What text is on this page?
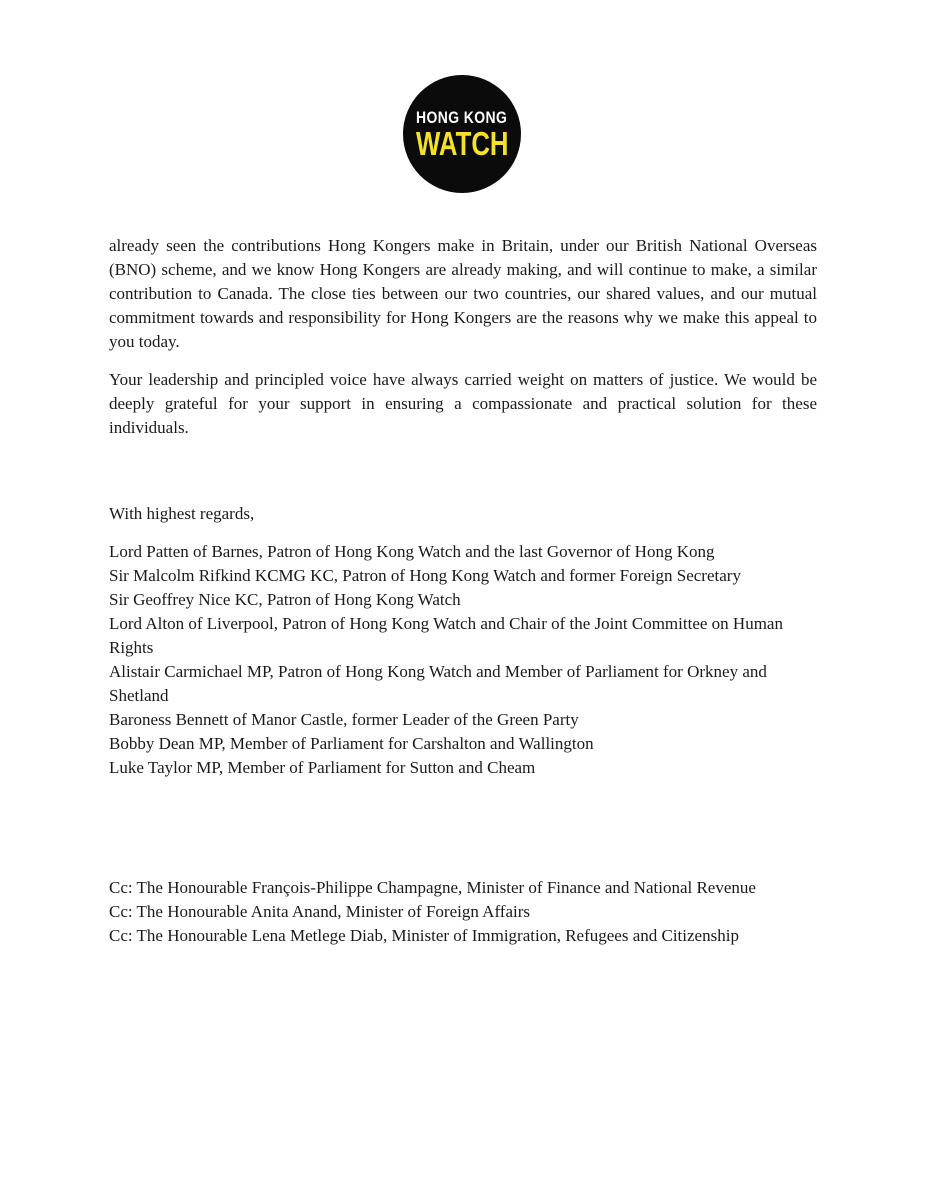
HONG KONG
WATCH

already seen the contributions Hong Kongers make in Britain, under our British National Overseas (BNO) scheme, and we know Hong Kongers are already making, and will continue to make, a similar contribution to Canada. The close ties between our two countries, our shared values, and our mutual commitment towards and responsibility for Hong Kongers are the reasons why we make this appeal to you today.

Your leadership and principled voice have always carried weight on matters of justice. We would be deeply grateful for your support in ensuring a compassionate and practical solution for these individuals.

With highest regards,

Lord Patten of Barnes, Patron of Hong Kong Watch and the last Governor of Hong Kong
Sir Malcolm Rifkind KCMG KC, Patron of Hong Kong Watch and former Foreign Secretary
Sir Geoffrey Nice KC, Patron of Hong Kong Watch
Lord Alton of Liverpool, Patron of Hong Kong Watch and Chair of the Joint Committee on Human Rights
Alistair Carmichael MP, Patron of Hong Kong Watch and Member of Parliament for Orkney and Shetland
Baroness Bennett of Manor Castle, former Leader of the Green Party
Bobby Dean MP, Member of Parliament for Carshalton and Wallington
Luke Taylor MP, Member of Parliament for Sutton and Cheam
Cc: The Honourable François-Philippe Champagne, Minister of Finance and National Revenue
Cc: The Honourable Anita Anand, Minister of Foreign Affairs
Cc: The Honourable Lena Metlege Diab, Minister of Immigration, Refugees and Citizenship
